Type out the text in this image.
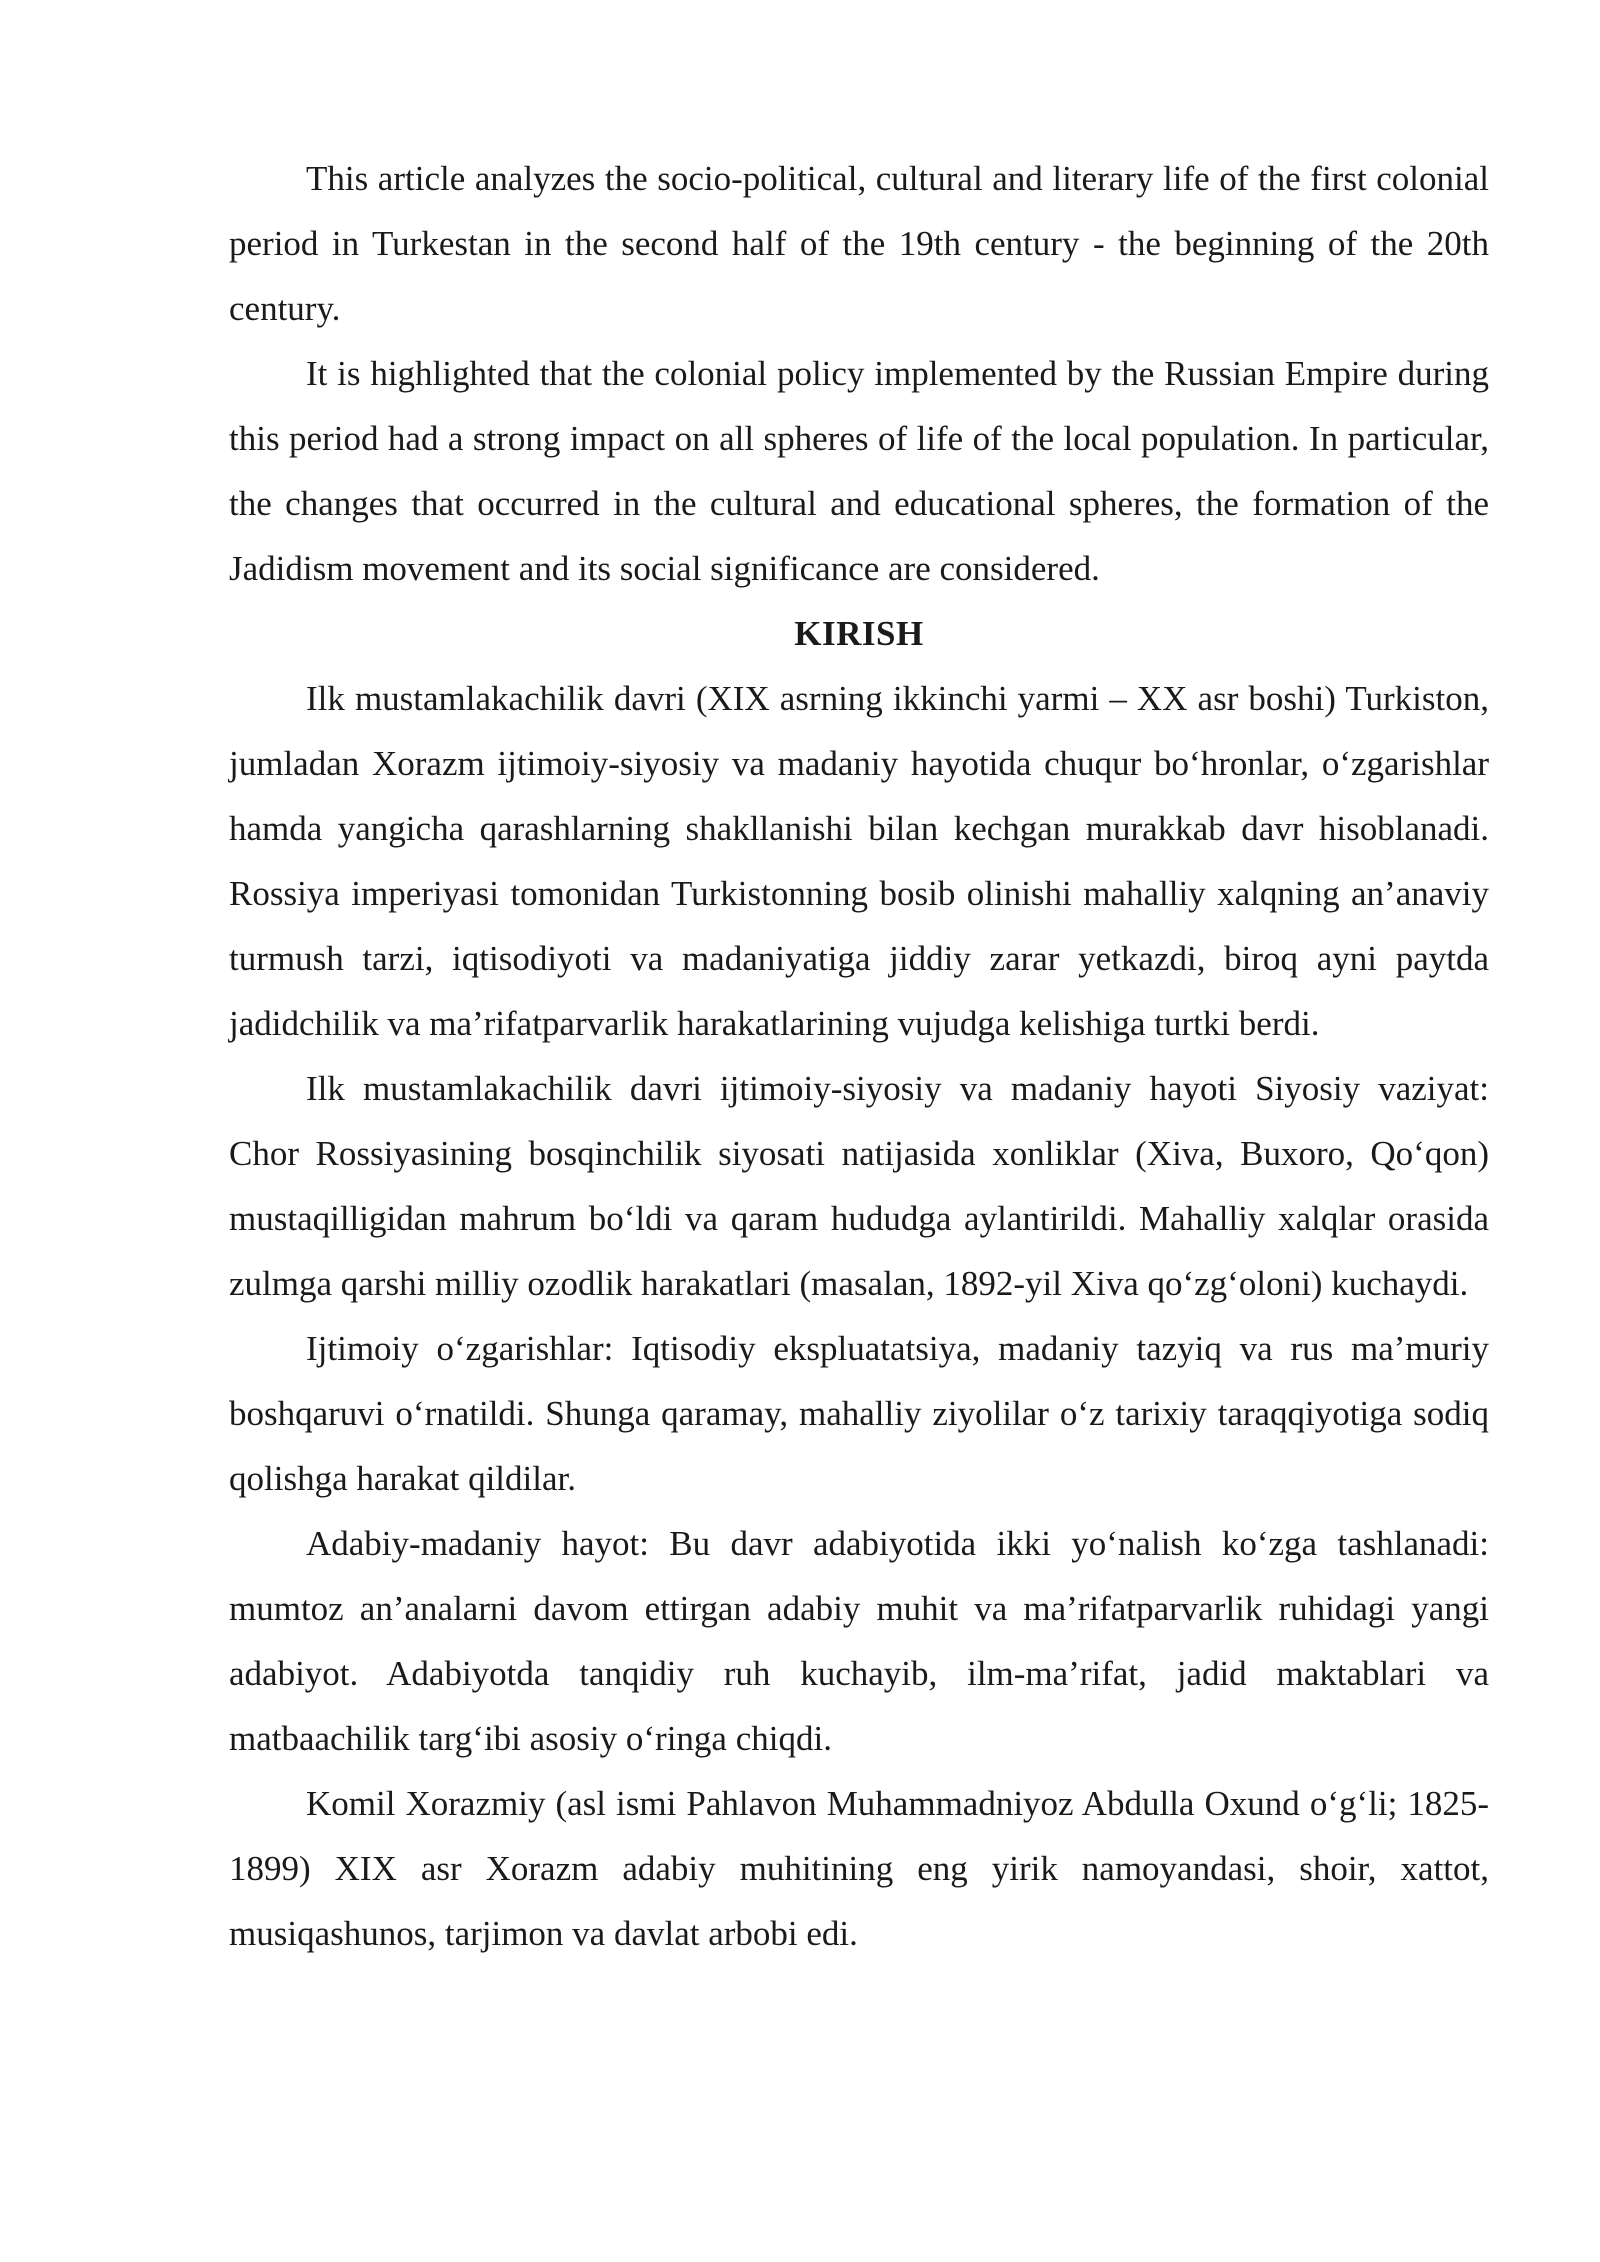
This article analyzes the socio-political, cultural and literary life of the first colonial period in Turkestan in the second half of the 19th century - the beginning of the 20th century.

It is highlighted that the colonial policy implemented by the Russian Empire during this period had a strong impact on all spheres of life of the local population. In particular, the changes that occurred in the cultural and educational spheres, the formation of the Jadidism movement and its social significance are considered.

KIRISH

Ilk mustamlakachilik davri (XIX asrning ikkinchi yarmi – XX asr boshi) Turkiston, jumladan Xorazm ijtimoiy-siyosiy va madaniy hayotida chuqur bo‘hronlar, o‘zgarishlar hamda yangicha qarashlarning shakllanishi bilan kechgan murakkab davr hisoblanadi. Rossiya imperiyasi tomonidan Turkistonning bosib olinishi mahalliy xalqning an’anaviy turmush tarzi, iqtisodiyoti va madaniyatiga jiddiy zarar yetkazdi, biroq ayni paytda jadidchilik va ma’rifatparvarlik harakatlarining vujudga kelishiga turtki berdi.

Ilk mustamlakachilik davri ijtimoiy-siyosiy va madaniy hayoti Siyosiy vaziyat: Chor Rossiyasining bosqinchilik siyosati natijasida xonliklar (Xiva, Buxoro, Qo‘qon) mustaqilligidan mahrum bo‘ldi va qaram hududga aylantirildi. Mahalliy xalqlar orasida zulmga qarshi milliy ozodlik harakatlari (masalan, 1892-yil Xiva qo‘zg‘oloni) kuchaydi.

Ijtimoiy o‘zgarishlar: Iqtisodiy ekspluatatsiya, madaniy tazyiq va rus ma’muriy boshqaruvi o‘rnatildi. Shunga qaramay, mahalliy ziyolilar o‘z tarixiy taraqqiyotiga sodiq qolishga harakat qildilar.

Adabiy-madaniy hayot: Bu davr adabiyotida ikki yo‘nalish ko‘zga tashlanadi: mumtoz an’analarni davom ettirgan adabiy muhit va ma’rifatparvarlik ruhidagi yangi adabiyot. Adabiyotda tanqidiy ruh kuchayib, ilm-ma’rifat, jadid maktablari va matbaachilik targ‘ibi asosiy o‘ringa chiqdi.

Komil Xorazmiy (asl ismi Pahlavon Muhammadniyoz Abdulla Oxund o‘g‘li; 1825-1899) XIX asr Xorazm adabiy muhitining eng yirik namoyandasi, shoir, xattot, musiqashunos, tarjimon va davlat arbobi edi.
